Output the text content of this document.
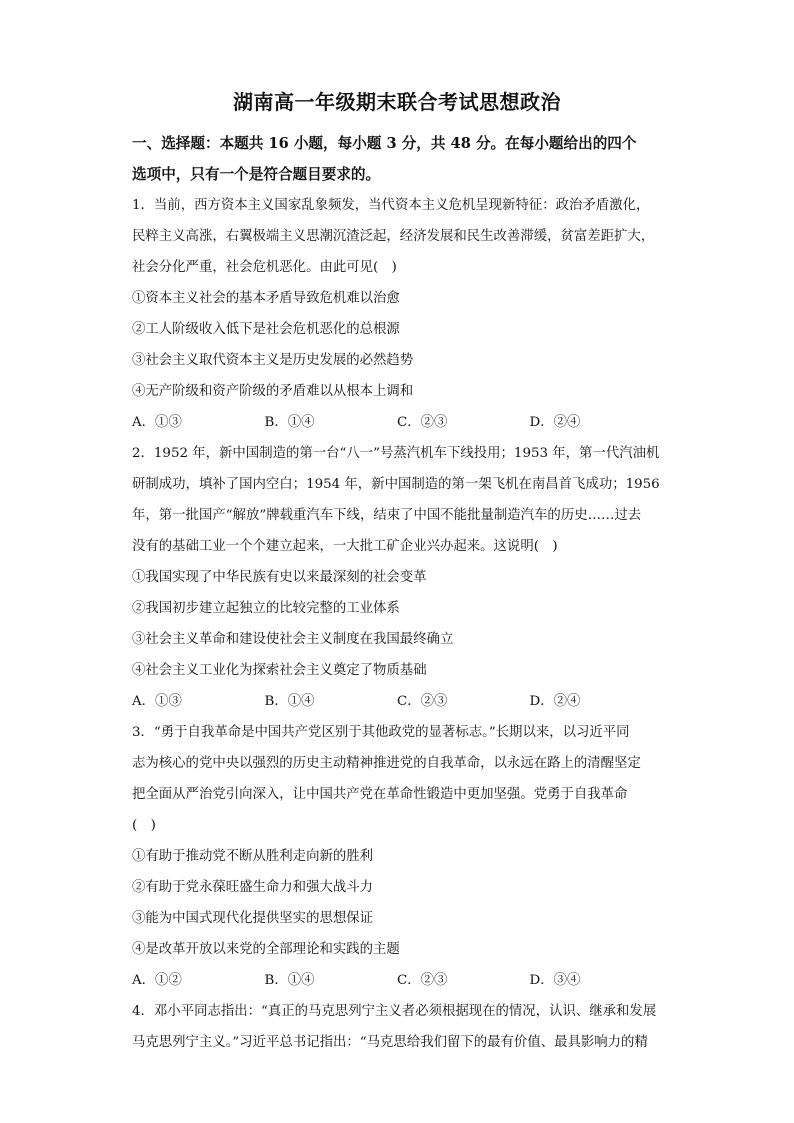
湖南高一年级期末联合考试思想政治
一、选择题：本题共 16 小题，每小题 3 分，共 48 分。在每小题给出的四个
选项中，只有一个是符合题目要求的。
1．当前，西方资本主义国家乱象频发，当代资本主义危机呈现新特征：政治矛盾激化，
民粹主义高涨，右翼极端主义思潮沉渣泛起，经济发展和民生改善滞缓，贫富差距扩大，
社会分化严重，社会危机恶化。由此可见(　)
①资本主义社会的基本矛盾导致危机难以治愈
②工人阶级收入低下是社会危机恶化的总根源
③社会主义取代资本主义是历史发展的必然趋势
④无产阶级和资产阶级的矛盾难以从根本上调和
A．①③	B．①④	C．②③	D．②④
2．1952 年，新中国制造的第一台“八一”号蒸汽机车下线投用；1953 年，第一代汽油机
研制成功，填补了国内空白；1954 年，新中国制造的第一架飞机在南昌首飞成功；1956
年，第一批国产“解放”牌载重汽车下线，结束了中国不能批量制造汽车的历史……过去
没有的基础工业一个个建立起来，一大批工矿企业兴办起来。这说明(　)
①我国实现了中华民族有史以来最深刻的社会变革
②我国初步建立起独立的比较完整的工业体系
③社会主义革命和建设使社会主义制度在我国最终确立
④社会主义工业化为探索社会主义奠定了物质基础
A．①③	B．①④	C．②③	D．②④
3．“勇于自我革命是中国共产党区别于其他政党的显著标志。”长期以来，以习近平同
志为核心的党中央以强烈的历史主动精神推进党的自我革命，以永远在路上的清醒坚定
把全面从严治党引向深入，让中国共产党在革命性锻造中更加坚强。党勇于自我革命
(　)
①有助于推动党不断从胜利走向新的胜利
②有助于党永葆旺盛生命力和强大战斗力
③能为中国式现代化提供坚实的思想保证
④是改革开放以来党的全部理论和实践的主题
A．①②	B．①④	C．②③	D．③④
4．邓小平同志指出：“真正的马克思列宁主义者必须根据现在的情况，认识、继承和发展
马克思列宁主义。”习近平总书记指出：“马克思给我们留下的最有价值、最具影响力的精
